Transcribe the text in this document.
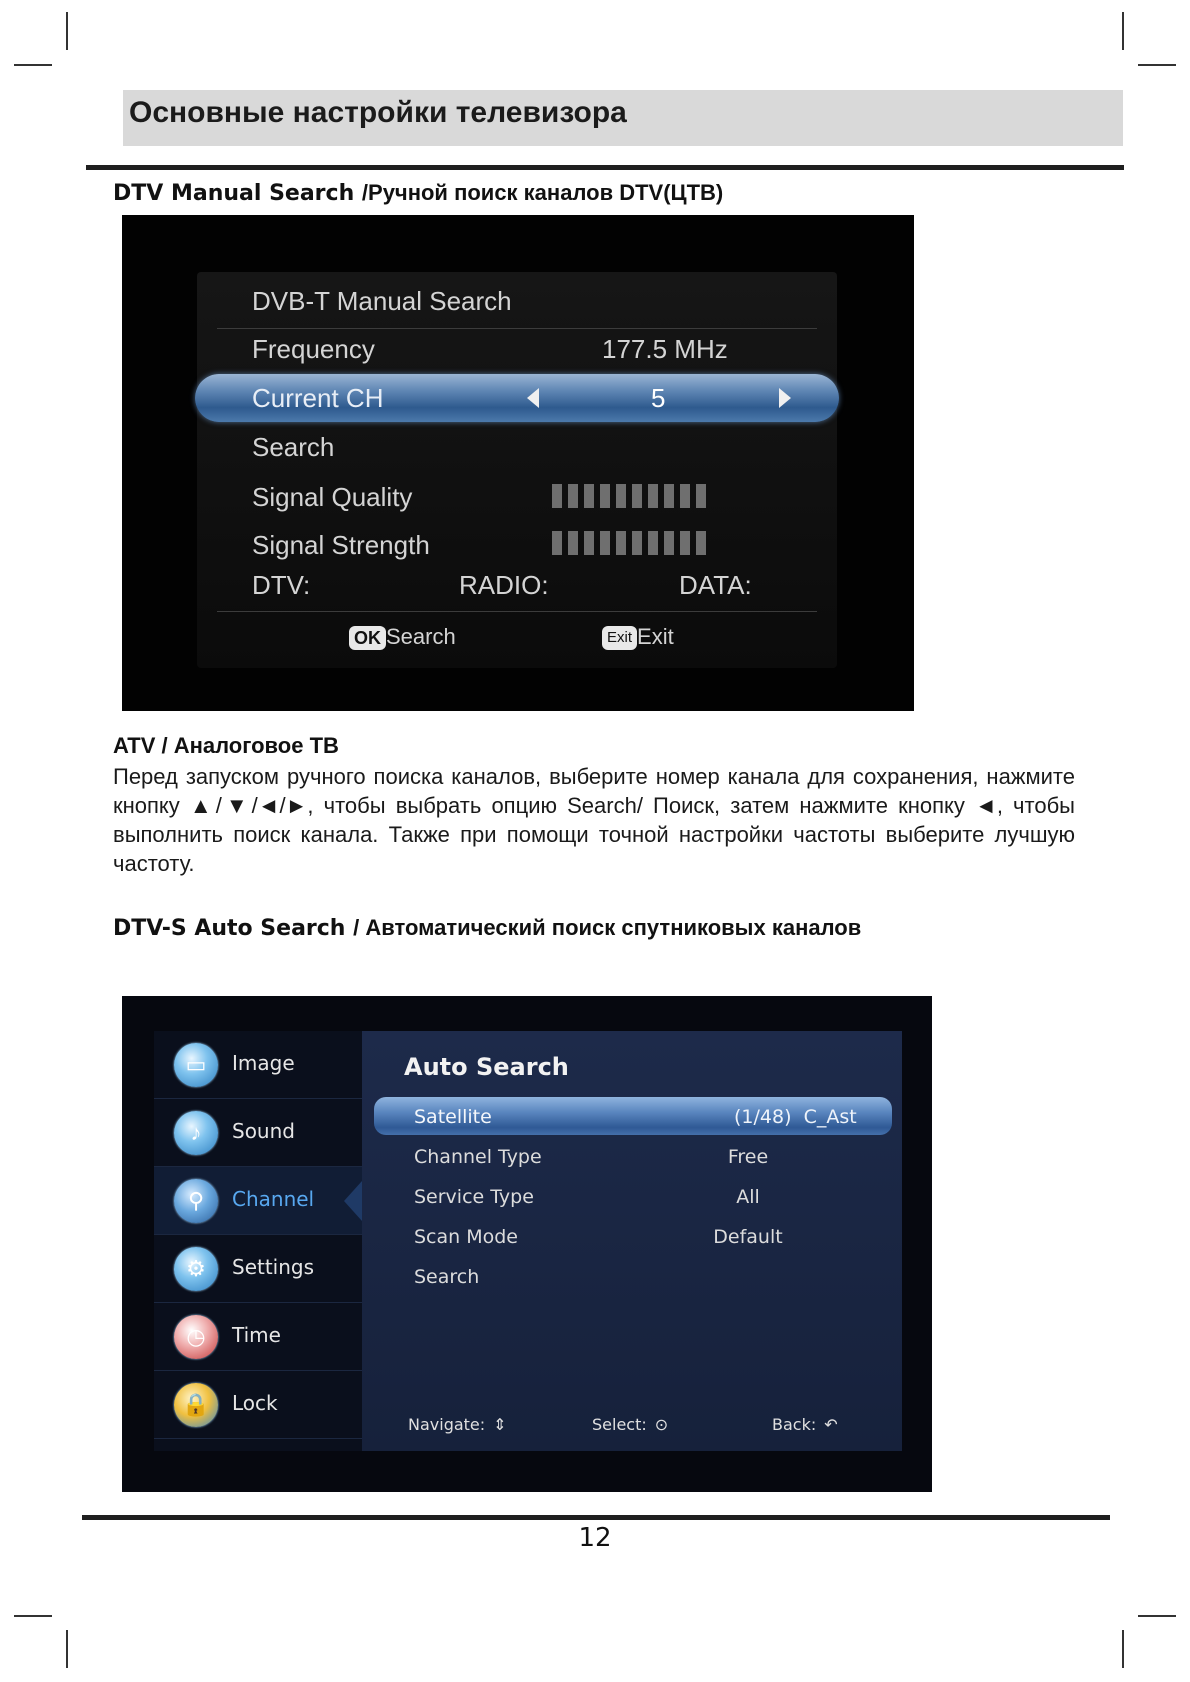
Основные настройки телевизора
DTV Manual Search /Ручной поиск каналов DTV(ЦТВ)
DVB-T Manual Search
Frequency	177.5 MHz
Current CH	5
Search
Signal Quality
Signal Strength
DTV:	RADIO:	DATA:
OK Search	Exit Exit
ATV / Аналоговое ТВ
Перед запуском ручного поиска каналов, выберите номер канала для сохранения, нажмите кнопку ▲/▼/◄/►, чтобы выбрать опцию Search/ Поиск, затем нажмите кнопку ◄, чтобы выполнить поиск канала. Также при помощи точной настройки частоты выберите лучшую частоту.
DTV-S Auto Search / Автоматический поиск спутниковых каналов
▭	Image
♪	Sound
⚲	Channel
⚙	Settings
◷	Time
🔒	Lock
Auto Search
Satellite	(1/48)  C_Ast
Channel Type	Free
Service Type	All
Scan Mode	Default
Search
Navigate: ⇕	Select: ⊙	Back: ↶
12
